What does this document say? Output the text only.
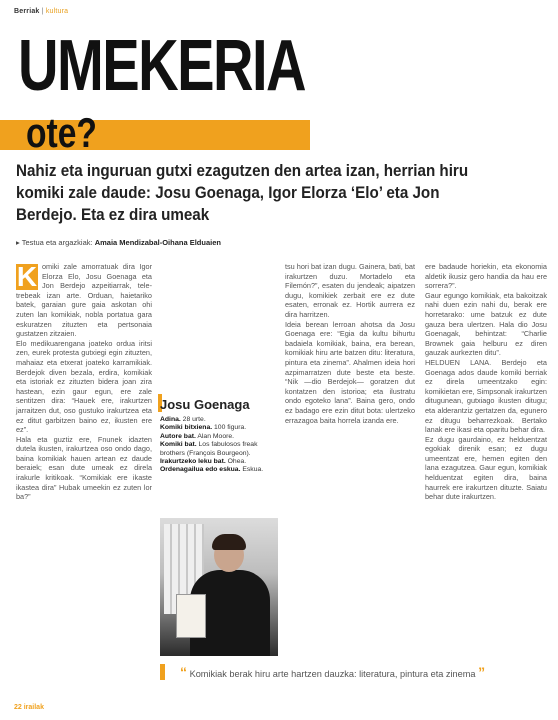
Berriak | kultura
UMEKERIA
ote?
Nahiz eta inguruan gutxi ezagutzen den artea izan, herrian hiru komiki zale daude: Josu Goenaga, Igor Elorza ‘Elo’ eta Jon Berdejo. Eta ez dira umeak
▸ Testua eta argazkiak: Amaia Mendizabal-Oihana Elduaien
K omiki zale amorratuak dira Igor Elorza Elo, Josu Goenaga eta Jon Berdejo azpeitiarrak, tele-trebeak izan arte. Orduan, haietariko batek, garaian gure gaia askotan ohi zuten lan komikiak, nobla portatua gara eskuratzen zituzten eta pertsonaia gustatzen zitzaien.

Elo medikuarengana joateko ordua iritsi zen, eurek protesta gutxiegi egin zituzten, mahaiaz eta etxerat joateko karramikiak. Berdejok diven bezala, erdira, komikiak eta istoriak ez zituzten bidera joan zira hastean, ezin gaur egun, ere zale sentitzen dira: “Hauek ere, irakurtzen jarraitzen dut, oso gustuko irakurtzea eta ez ditut garbitzen baino ez, ikusten ere ez”.

Hala eta guztiz ere, Fnunek idazten dutela ikusten, irakurtzea oso ondo dago, baina komikiak hauen artean ez daude beraiek; esan dute umeak ez direla irakurle kritikoak. “Komikiak ere ikaste ikastea dira” Hubak umeekin ez zuten lor ba?”

Josu Goenaga
Adina. 28 urte.
Komiki bitxiena. 100 figura.
Autore bat. Alan Moore.
Komiki bat. Los fabulosos freak brothers (François Bourgeon).
Irakurtzeko leku bat. Ohea.
Ordenagailua edo eskua. Eskua.

tsu hori bat izan dugu. Gainera, bati, bat irakurtzen duzu. Mortadelo eta Filemón?”, esaten du jendeak; aipatzen dugu, komikiek zerbait ere ez dute esaten, erronak ez. Hortik aurrera ez dira harritzen.

Ideia berean lerroan ahotsa da Josu Goenaga ere: “Egia da kultu bihurtu badaiela komikiak, baina, era berean, komikiak hiru arte batzen ditu: literatura, pintura eta zinema”. Ahalmen ideia hori azpimarratzen dute beste eta beste. “Nik —dio Berdejok— goratzen dut kontatzen den istorioa; eta ilustratu ondo egoteko lana”. Baina gero, ondo ez badago ere ezin ditut bota: ulertzeko errazagoa baita horrela izanda ere.

ere badaude horiekin, eta ekonomia aldetik ikusiz gero handia da hau ere sorrera?”.

Gaur egungo komikiak, eta bakoitzak nahi duen ezin nahi du, berak ere horretarako: ume batzuk ez dute gauza bera ulertzen. Hala dio Josu Goenagak, behintzat: “Charlie Brownek gaia helburu ez diren gauzak aurkezten ditu”.

HELDUEN LANA. Berdejo eta Goenaga ados daude komiki berriak ez direla umeentzako egin: komikietan ere, Simpsonak irakurtzen ditugunean, gutxiago ikusten ditugu; eta alderantziz gertatzen da, egunero ez ditugu beharrezkoak. Bertako lanak ere ikasi eta oparitu behar dira.

Ez dugu gaurdaino, ez helduentzat egokiak direnik esan; ez dugu umeentzat ere, hemen egiten den lana ezagutzea. Gaur egun, komikiak helduentzat egiten dira, baina haurrek ere irakurtzen dituzte. Saiatu behar dute irakurtzen.

“ Komikiak berak hiru arte hartzen dauzka: literatura, pintura eta zinema ”
22 irailak
